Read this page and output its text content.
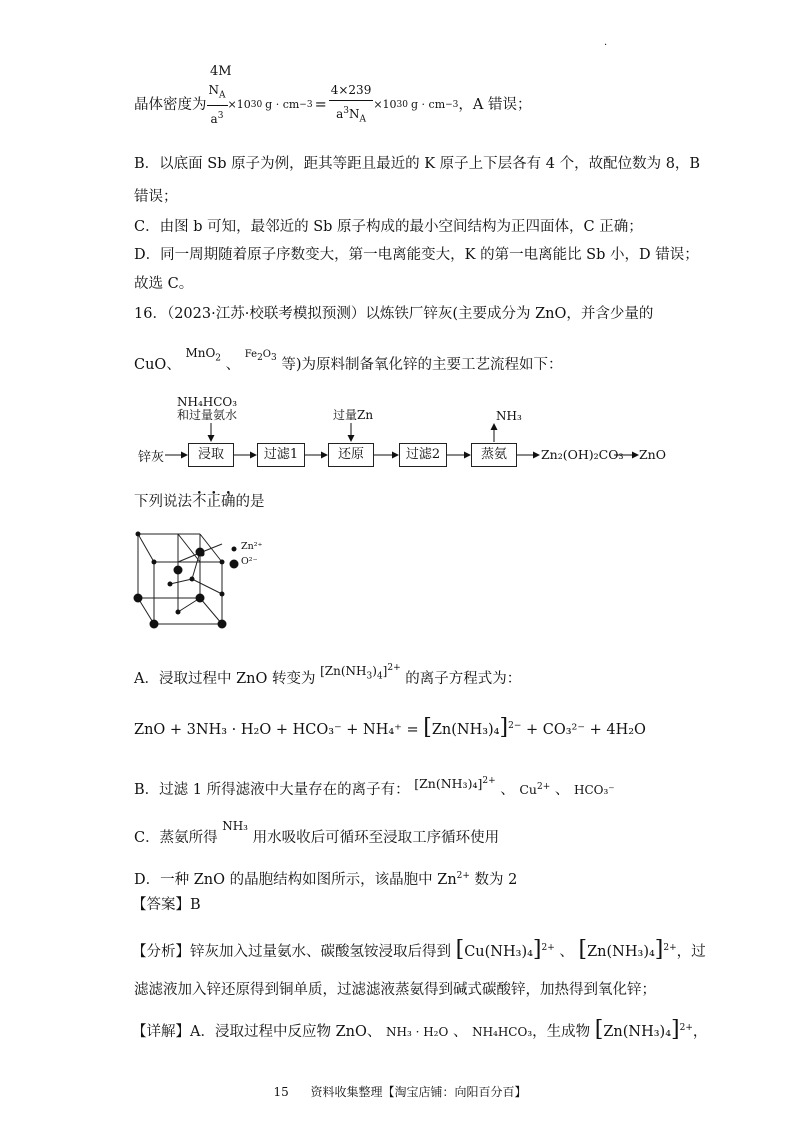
·
4M
晶体密度为 $\frac{N_A}{a^3} \times 10$ 30 g · cm $-3 = \frac{4\times 239}{a^3N_A} \times 10$ 30 g · cm −3 ，A 错误；
B．以底面 Sb 原子为例，距其等距且最近的 K 原子上下层各有 4 个，故配位数为 8，B
错误；
C．由图 b 可知，最邻近的 Sb 原子构成的最小空间结构为正四面体，C 正确；
D．同一周期随着原子序数变大，第一电离能变大，K 的第一电离能比 Sb 小，D 错误；
故选 C。
16．（2023·江苏·校联考模拟预测）以炼铁厂锌灰(主要成分为 ZnO，并含少量的
CuO、 $^{MnO_2}$ 、 $^{Fe2O3}$ 等)为原料制备氧化锌的主要工艺流程如下：
NH₄HCO₃
和过量氨水	过量Zn	NH₃
锌灰	浸取	过滤1	还原	过滤2	蒸氨	Zn₂(OH)₂CO₃ ZnO
下列说法不正确的是
Zn²⁺
O²⁻
A．浸取过程中 ZnO 转变为 $^{[Zn(NH_3)_4]^{2+}}$ 的离子方程式为：
ZnO + $3NH_3 \cdot H_2O + HCO_3^- + NH_4^+ = [Zn(NH_3)_4]^{2-} + CO_3^{2-} + 4H_2O$
B．过滤 1 所得滤液中大量存在的离子有： $[Zn(NH_3)_4]^{2+}$ 、 $Cu^{2+}$ 、 HCO₃⁻
C．蒸氨所得 $^{NH_3}$ 用水吸收后可循环至浸取工序循环使用
D．一种 ZnO 的晶胞结构如图所示，该晶胞中 $Zn^{2+}$ 数为 2
【答案】B
【分析】锌灰加入过量氨水、碳酸氢铵浸取后得到 $[Cu(NH_3)_4]^{2+}$ 、 $[Zn(NH_3)_4]^{2+}$，过
滤滤液加入锌还原得到铜单质，过滤滤液蒸氨得到碱式碳酸锌，加热得到氧化锌；
【详解】A．浸取过程中反应物 ZnO、 NH₃ · H₂O 、 NH₄HCO₃，生成物 $[Zn(NH_3)_4]^{2+}$，
15 资料收集整理【淘宝店铺：向阳百分百】
